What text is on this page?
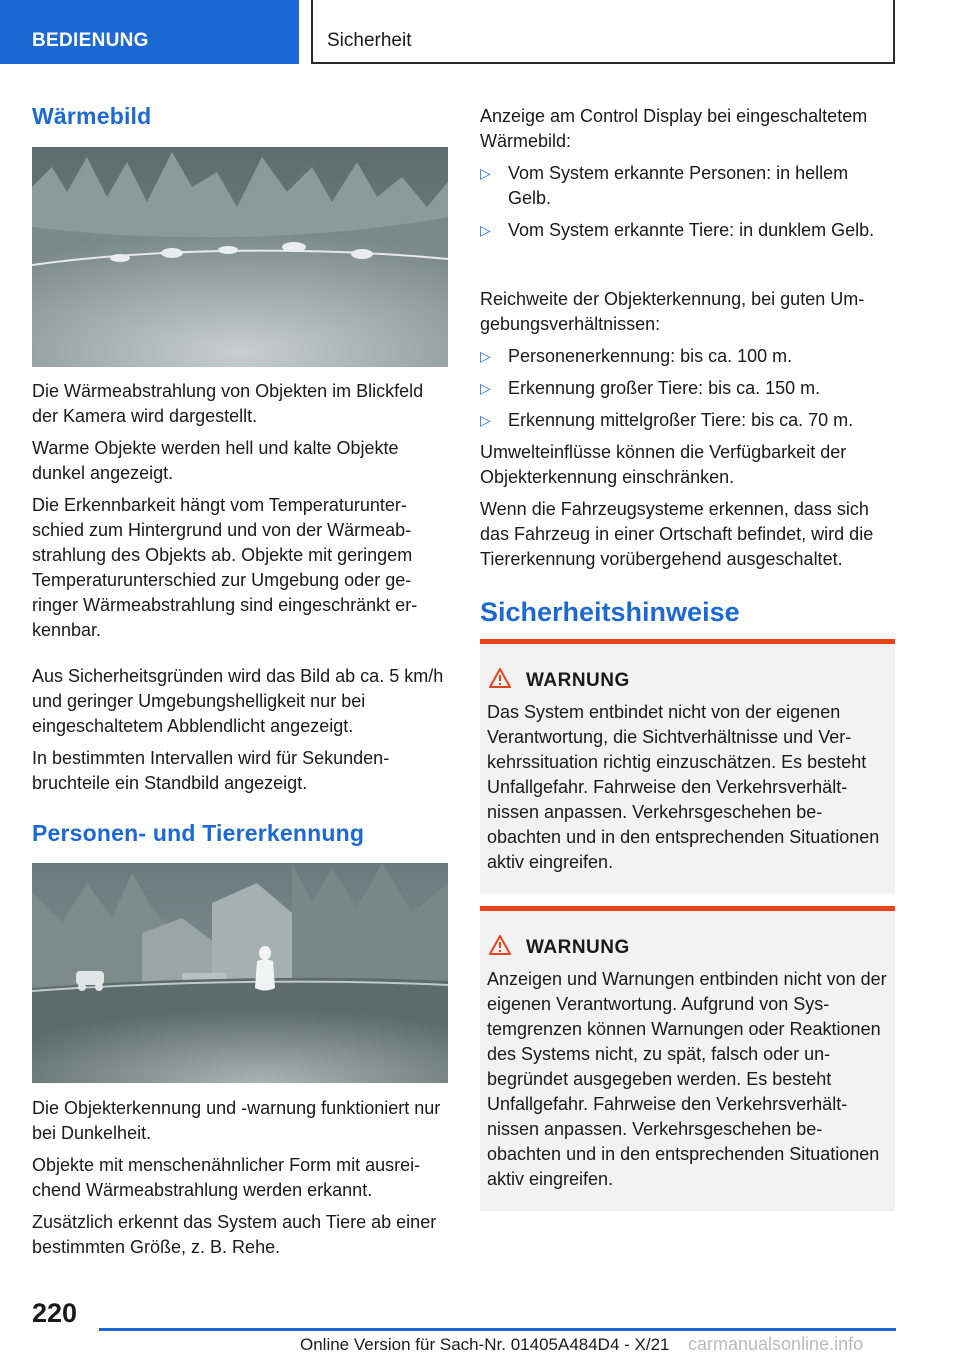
BEDIENUNG	Sicherheit
Wärmebild
Die Wärmeabstrahlung von Objekten im Blickfeld der Kamera wird dargestellt.
Warme Objekte werden hell und kalte Objekte dunkel angezeigt.
Die Erkennbarkeit hängt vom Temperaturunterschied zum Hintergrund und von der Wärmeabstrahlung des Objekts ab. Objekte mit geringem Temperaturunterschied zur Umgebung oder geringer Wärmeabstrahlung sind eingeschränkt erkennbar.
Aus Sicherheitsgründen wird das Bild ab ca. 5 km/h und geringer Umgebungshelligkeit nur bei eingeschaltetem Abblendlicht angezeigt.
In bestimmten Intervallen wird für Sekundenbruchteile ein Standbild angezeigt.
Personen- und Tiererkennung
Die Objekterkennung und -warnung funktioniert nur bei Dunkelheit.
Objekte mit menschenähnlicher Form mit ausreichend Wärmeabstrahlung werden erkannt.
Zusätzlich erkennt das System auch Tiere ab einer bestimmten Größe, z. B. Rehe.
Anzeige am Control Display bei eingeschaltetem Wärmebild:
▷ Vom System erkannte Personen: in hellem Gelb.
▷ Vom System erkannte Tiere: in dunklem Gelb.
Reichweite der Objekterkennung, bei guten Umgebungsverhältnissen:
▷ Personenerkennung: bis ca. 100 m.
▷ Erkennung großer Tiere: bis ca. 150 m.
▷ Erkennung mittelgroßer Tiere: bis ca. 70 m.
Umwelteinflüsse können die Verfügbarkeit der Objekterkennung einschränken.
Wenn die Fahrzeugsysteme erkennen, dass sich das Fahrzeug in einer Ortschaft befindet, wird die Tiererkennung vorübergehend ausgeschaltet.
Sicherheitshinweise
WARNUNG
Das System entbindet nicht von der eigenen Verantwortung, die Sichtverhältnisse und Verkehrssituation richtig einzuschätzen. Es besteht Unfallgefahr. Fahrweise den Verkehrsverhältnissen anpassen. Verkehrsgeschehen beobachten und in den entsprechenden Situationen aktiv eingreifen.
WARNUNG
Anzeigen und Warnungen entbinden nicht von der eigenen Verantwortung. Aufgrund von Systemgrenzen können Warnungen oder Reaktionen des Systems nicht, zu spät, falsch oder unbegründet ausgegeben werden. Es besteht Unfallgefahr. Fahrweise den Verkehrsverhältnissen anpassen. Verkehrsgeschehen beobachten und in den entsprechenden Situationen aktiv eingreifen.
220
Online Version für Sach-Nr. 01405A484D4 - X/21 carmanualsonline.info
